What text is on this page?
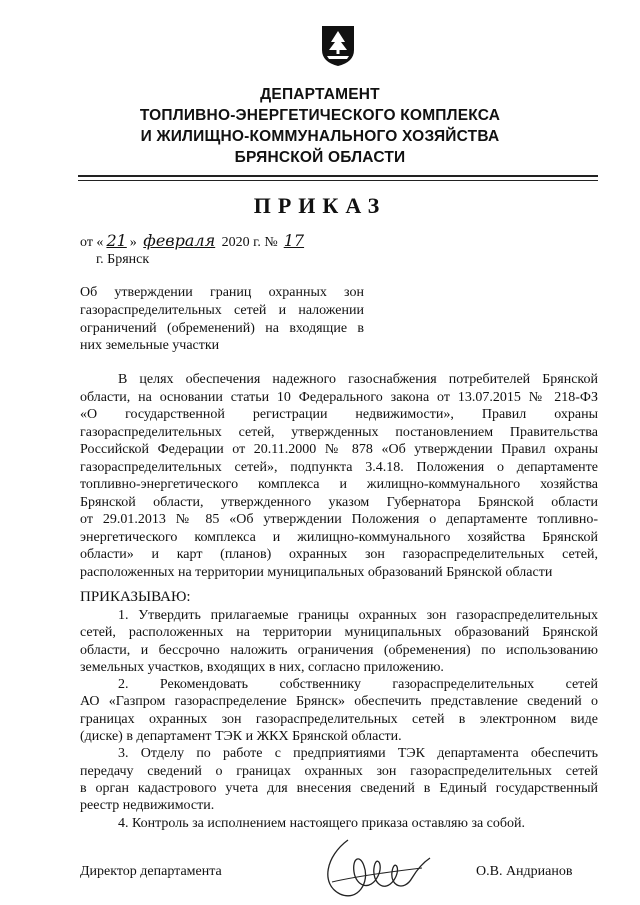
ДЕПАРТАМЕНТ
ТОПЛИВНО-ЭНЕРГЕТИЧЕСКОГО КОМПЛЕКСА
И ЖИЛИЩНО-КОММУНАЛЬНОГО ХОЗЯЙСТВА
БРЯНСКОЙ ОБЛАСТИ
ПРИКАЗ
от « 21 » февраля 2020 г. № 17
г. Брянск
Об утверждении границ охранных зон
газораспределительных сетей и наложении
ограничений (обременений) на входящие в
них земельные участки
В целях обеспечения надежного газоснабжения потребителей Брянской
области, на основании статьи 10 Федерального закона от 13.07.2015 № 218-ФЗ
«О государственной регистрации недвижимости», Правил охраны
газораспределительных сетей, утвержденных постановлением Правительства
Российской Федерации от 20.11.2000 № 878 «Об утверждении Правил охраны
газораспределительных сетей», подпункта 3.4.18. Положения о департаменте
топливно-энергетического комплекса и жилищно-коммунального хозяйства
Брянской области, утвержденного указом Губернатора Брянской области
от 29.01.2013 № 85 «Об утверждении Положения о департаменте топливно-
энергетического комплекса и жилищно-коммунального хозяйства Брянской
области» и карт (планов) охранных зон газораспределительных сетей,
расположенных на территории муниципальных образований Брянской области
ПРИКАЗЫВАЮ:
1. Утвердить прилагаемые границы охранных зон газораспределительных
сетей, расположенных на территории муниципальных образований Брянской
области, и бессрочно наложить ограничения (обременения) по использованию
земельных участков, входящих в них, согласно приложению.
2. Рекомендовать собственнику газораспределительных сетей
АО «Газпром газораспределение Брянск» обеспечить представление сведений о
границах охранных зон газораспределительных сетей в электронном виде
(диске) в департамент ТЭК и ЖКХ Брянской области.
3. Отделу по работе с предприятиями ТЭК департамента обеспечить
передачу сведений о границах охранных зон газораспределительных сетей
в орган кадастрового учета для внесения сведений в Единый государственный
реестр недвижимости.
4. Контроль за исполнением настоящего приказа оставляю за собой.
Директор департамента	О.В. Андрианов
